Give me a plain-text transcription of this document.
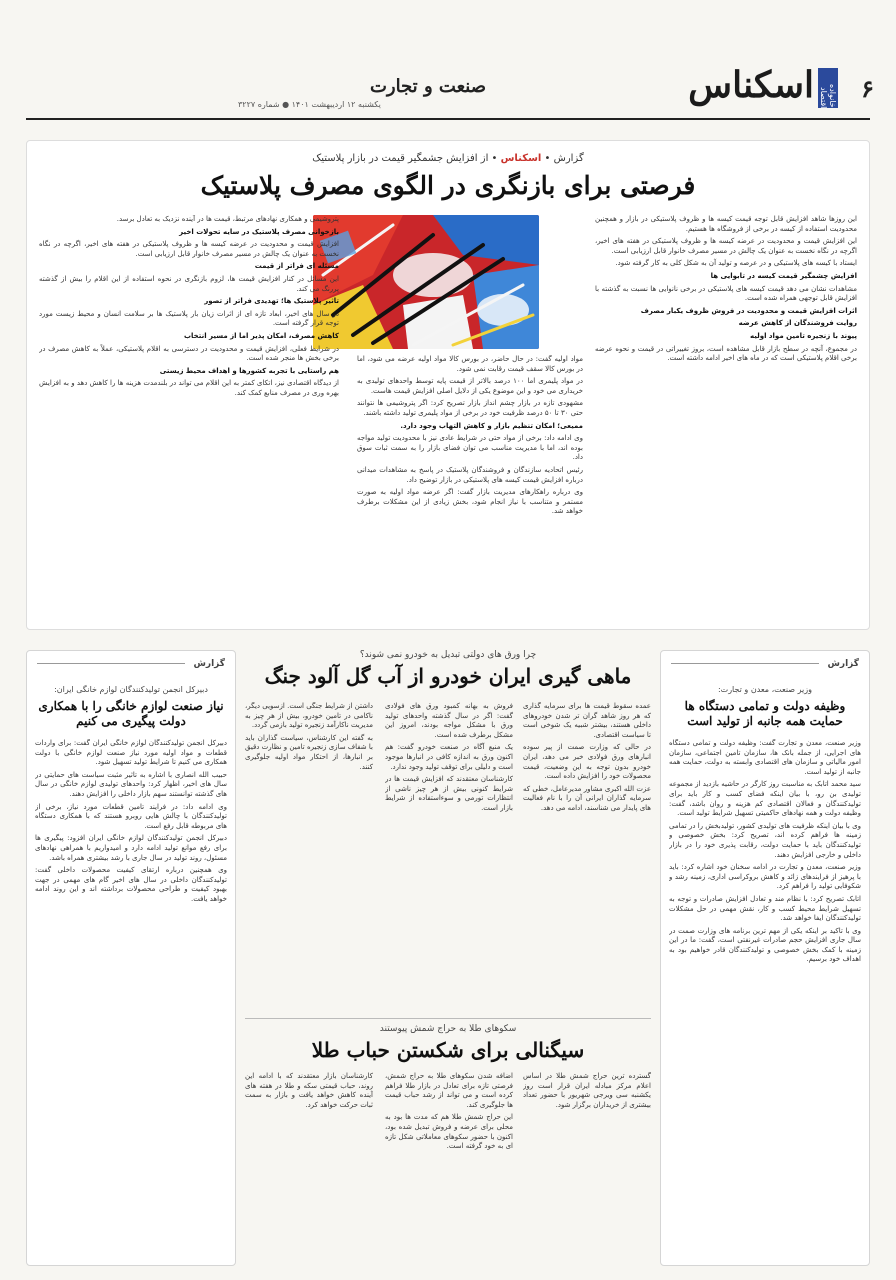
۶
خانواده اقتصاد
اسکناس
صنعت و تجارت
یکشنبه ۱۲ اردیبهشت ۱۴۰۱ ● شماره ۳۲۲۷
گزارش • اسکناس • از افزایش جشمگیر قیمت در بازار پلاستیک
فرصتی برای بازنگری در الگوی مصرف پلاستیک

این روزها شاهد افزایش قابل توجه قیمت کیسه ها و ظروف پلاستیکی در بازار و همچنین محدودیت استفاده از کیسه در برخی از فروشگاه ها هستیم.

این افزایش قیمت و محدودیت در عرضه کیسه ها و ظروف پلاستیکی در هفته های اخیر، اگرچه در نگاه نخست به عنوان یک چالش در مسیر مصرف خانوار قابل ارزیابی است.

ایستاد با کیسه های پلاستیکی و در عرصه و تولید آن به شکل کلی به کار گرفته شود.

افزایش چشمگیر قیمت کیسه در تابوایی ها

مشاهدات نشان می دهد قیمت کیسه های پلاستیکی در برخی نانوایی ها نسبت به گذشته با افزایش قابل توجهی همراه شده است.

اثرات افزایش قیمت و محدودیت در فروش ظروف یکبار مصرف

روایت فروشندگان از کاهش عرضه

پیوند با زنجیره تامین مواد اولیه

در مجموع، آنچه در سطح بازار قابل مشاهده است، بروز تغییراتی در قیمت و نحوه عرضه برخی اقلام پلاستیکی است که در ماه های اخیر ادامه داشته است.

مواد اولیه گفت: در حال حاضر، در بورس کالا مواد اولیه عرضه می شود، اما در بورس کالا سقف قیمت رقابت نمی شود.

در مواد پلیمری اما ۱۰۰ درصد بالاتر از قیمت پایه توسط واحدهای تولیدی به خریداری می خود و این موضوع یکی از دلایل اصلی افزایش قیمت هاست.

مشهودی تازه در بازار چشم انداز بازار تصریح کرد: اگر پتروشیمی ها نتوانند حتی ۳۰ تا ۵۰ درصد ظرفیت خود در برخی از مواد پلیمری تولید داشته باشند.

ممیعی؛ امکان تنظیم بازار و کاهش التهاب وجود دارد.

وی ادامه داد: برخی از مواد حتی در شرایط عادی نیز با محدودیت تولید مواجه بوده اند، اما با مدیریت مناسب می توان فضای بازار را به سمت ثبات سوق داد.

رئیس اتحادیه سازندگان و فروشندگان پلاستیک در پاسخ به مشاهدات میدانی درباره افزایش قیمت کیسه های پلاستیکی در بازار توضیح داد.

وی درباره راهکارهای مدیریت بازار گفت: اگر عرضه مواد اولیه به صورت مستمر و متناسب با نیاز انجام شود، بخش زیادی از این مشکلات برطرف خواهد شد.

پتروشیمی و همکاری نهادهای مرتبط، قیمت ها در آینده نزدیک به تعادل برسد.

بازخوانی مصرف پلاستیک در سایه تحولات اخیر

افزایش قیمت و محدودیت در عرضه کیسه ها و ظروف پلاستیکی در هفته های اخیر، اگرچه در نگاه نخست به عنوان یک چالش در مسیر مصرف خانوار قابل ارزیابی است.

مسئله ای فراتر از قیمت

این مسائل در کنار افزایش قیمت ها، لزوم بازنگری در نحوه استفاده از این اقلام را بیش از گذشته پررنگ می کند.

تاثیر پلاستیک ها؛ تهدیدی فراتر از تصور

در سال های اخیر، ابعاد تازه ای از اثرات زیان بار پلاستیک ها بر سلامت انسان و محیط زیست مورد توجه قرار گرفته است.

کاهش مصرف، امکان پذیر اما از مسیر انتخاب

در شرایط فعلی، افزایش قیمت و محدودیت در دسترسی به اقلام پلاستیکی، عملاً به کاهش مصرف در برخی بخش ها منجر شده است.

هم راستایی با تجربه کشورها و اهداف محیط زیستی

از دیدگاه اقتصادی نیز، اتکای کمتر به این اقلام می تواند در بلندمدت هزینه ها را کاهش دهد و به افزایش بهره وری در مصرف منابع کمک کند.

گزارش
وزیر صنعت، معدن و تجارت:
وظیفه دولت و تمامی دستگاه ها حمایت همه جانبه از تولید است

وزیر صنعت، معدن و تجارت گفت: وظیفه دولت و تمامی دستگاه های اجرایی، از جمله بانک ها، سازمان تامین اجتماعی، سازمان امور مالیاتی و سازمان های اقتصادی وابسته به دولت، حمایت همه جانبه از تولید است.

سید محمد اتابک به مناسبت روز کارگر در حاشیه بازدید از مجموعه تولیدی بن رو، با بیان اینکه فضای کسب و کار باید برای تولیدکنندگان و فعالان اقتصادی کم هزینه و روان باشد، گفت: وظیفه دولت و همه نهادهای حاکمیتی تسهیل شرایط تولید است.

وی با بیان اینکه ظرفیت های تولیدی کشور، تولیدبخش را در تمامی زمینه ها فراهم کرده اند، تصریح کرد: بخش خصوصی و تولیدکنندگان باید با حمایت دولت، رقابت پذیری خود را در بازار داخلی و خارجی افزایش دهند.

وزیر صنعت، معدن و تجارت در ادامه سخنان خود اشاره کرد: باید با پرهیز از فرایندهای زائد و کاهش بروکراسی اداری، زمینه رشد و شکوفایی تولید را فراهم کرد.

اتابک تصریح کرد: با نظام مند و تعادل افزایش صادرات و توجه به تسهیل شرایط محیط کسب و کار، نقش مهمی در حل مشکلات تولیدکنندگان ایفا خواهد شد.

وی با تاکید بر اینکه یکی از مهم ترین برنامه های وزارت صمت در سال جاری افزایش حجم صادرات غیرنفتی است، گفت: ما در این زمینه با کمک بخش خصوصی و تولیدکنندگان قادر خواهیم بود به اهداف خود برسیم.

گزارش
دبیرکل انجمن تولیدکنندگان لوازم خانگی ایران:
نیاز صنعت لوازم خانگی را با همکاری دولت پیگیری می کنیم

دبیرکل انجمن تولیدکنندگان لوازم خانگی ایران گفت: برای واردات قطعات و مواد اولیه مورد نیاز صنعت لوازم خانگی با دولت همکاری می کنیم تا شرایط تولید تسهیل شود.

حبیب الله انصاری با اشاره به تاثیر مثبت سیاست های حمایتی در سال های اخیر، اظهار کرد: واحدهای تولیدی لوازم خانگی در سال های گذشته توانستند سهم بازار داخلی را افزایش دهند.

وی ادامه داد: در فرایند تامین قطعات مورد نیاز، برخی از تولیدکنندگان با چالش هایی روبرو هستند که با همکاری دستگاه های مربوطه قابل رفع است.

دبیرکل انجمن تولیدکنندگان لوازم خانگی ایران افزود: پیگیری ها برای رفع موانع تولید ادامه دارد و امیدواریم با همراهی نهادهای مسئول، روند تولید در سال جاری با رشد بیشتری همراه باشد.

وی همچنین درباره ارتقای کیفیت محصولات داخلی گفت: تولیدکنندگان داخلی در سال های اخیر گام های مهمی در جهت بهبود کیفیت و طراحی محصولات برداشته اند و این روند ادامه خواهد یافت.

چرا ورق های دولتی تبدیل به خودرو نمی شوند؟
ماهی گیری ایران خودرو از آب گل آلود جنگ

عمده سقوط قیمت ها برای سرمایه گذاری که هر روز شاهد گران تر شدن خودروهای داخلی هستند، بیشتر شبیه یک شوخی است تا سیاست اقتصادی.

در حالی که وزارت صمت از پیر سوده انبارهای ورق فولادی خبر می دهد، ایران خودرو بدون توجه به این وضعیت، قیمت محصولات خود را افزایش داده است.

عزت الله اکبری مشاور مدیرعامل، خطی که سرمایه گذاران ایرانی آن را با نام فعالیت های پایدار می شناسند، ادامه می دهد.

فروش به بهانه کمبود ورق های فولادی گفت: اگر در سال گذشته واحدهای تولید ورق با مشکل مواجه بودند، امروز این مشکل برطرف شده است.

یک منبع آگاه در صنعت خودرو گفت: هم اکنون ورق به اندازه کافی در انبارها موجود است و دلیلی برای توقف تولید وجود ندارد.

کارشناسان معتقدند که افزایش قیمت ها در شرایط کنونی بیش از هر چیز ناشی از انتظارات تورمی و سوءاستفاده از شرایط بازار است.

داشتن از شرایط جنگی است. ازسویی دیگر، ناکامی در تامین خودرو، بیش از هر چیز به مدیریت ناکارآمد زنجیره تولید بازمی گردد.

به گفته این کارشناس، سیاست گذاران باید با شفاف سازی زنجیره تامین و نظارت دقیق بر انبارها، از احتکار مواد اولیه جلوگیری کنند.

سکوهای طلا به حراج شمش پیوستند
سیگنالی برای شکستن حباب طلا

گسترده ترین حراج شمش طلا در اساس اعلام مرکز مبادله ایران قرار است روز یکشنبه سی ویرجی شهریور با حضور تعداد بیشتری از خریداران برگزار شود.

اضافه شدن سکوهای طلا به حراج شمش، فرصتی تازه برای تعادل در بازار طلا فراهم کرده است و می تواند از رشد حباب قیمت ها جلوگیری کند.

این حراج شمش طلا هم که مدت ها بود به محلی برای عرضه و فروش تبدیل شده بود، اکنون با حضور سکوهای معاملاتی شکل تازه ای به خود گرفته است.

کارشناسان بازار معتقدند که با ادامه این روند، حباب قیمتی سکه و طلا در هفته های آینده کاهش خواهد یافت و بازار به سمت ثبات حرکت خواهد کرد.
